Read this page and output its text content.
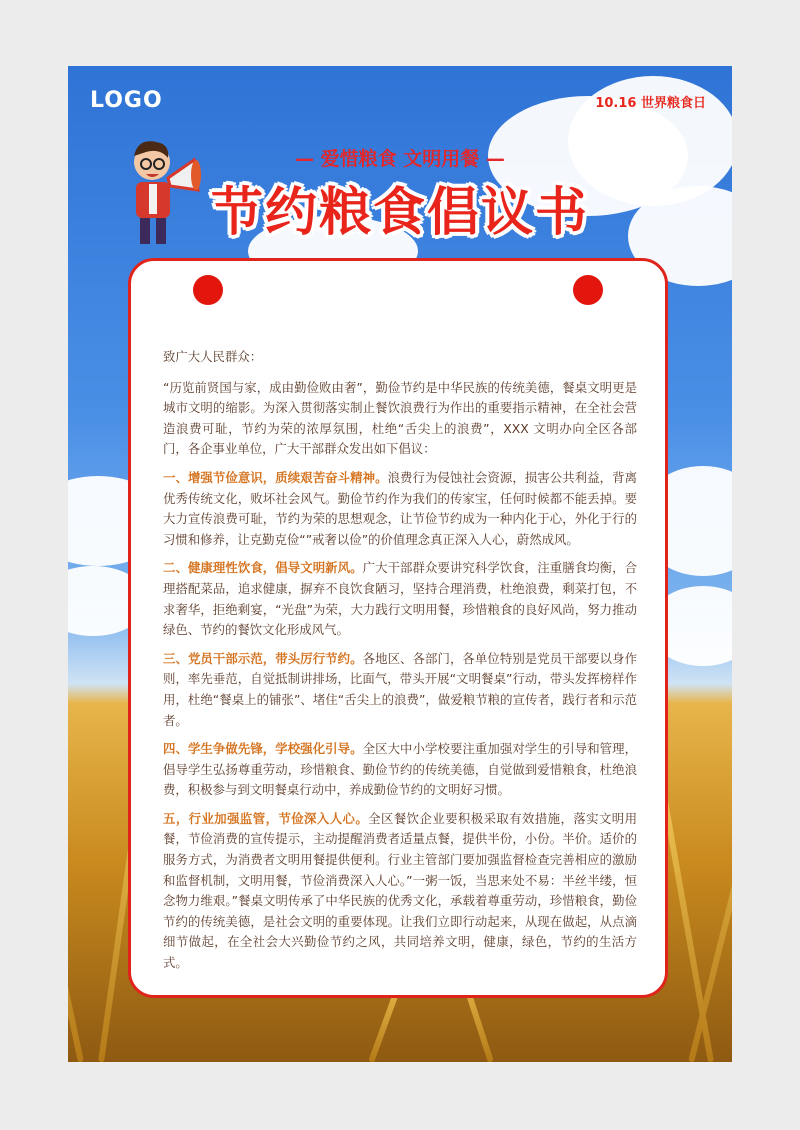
LOGO	10.16 世界粮食日
— 爱惜粮食 文明用餐 —
节约粮食倡议书

致广大人民群众：

“历览前贤国与家，成由勤俭败由奢”，勤俭节约是中华民族的传统美德，餐桌文明更是城市文明的缩影。为深入贯彻落实制止餐饮浪费行为作出的重要指示精神，在全社会营造浪费可耻，节约为荣的浓厚氛围，杜绝“舌尖上的浪费”，XXX 文明办向全区各部门，各企事业单位，广大干部群众发出如下倡议：

一、增强节俭意识，质续艰苦奋斗精神。浪费行为侵蚀社会资源，损害公共利益，背离优秀传统文化，败坏社会风气。勤俭节约作为我们的传家宝，任何时候都不能丢掉。要大力宣传浪费可耻，节约为荣的思想观念，让节俭节约成为一种内化于心，外化于行的习惯和修养，让克勤克俭“”戒奢以俭”的价值理念真正深入人心，蔚然成风。

二、健康理性饮食，倡导文明新风。广大干部群众要讲究科学饮食，注重膳食均衡，合理搭配菜品，追求健康，摒弃不良饮食陋习，坚持合理消费，杜绝浪费，剩菜打包，不求奢华，拒绝剩宴，“光盘”为荣，大力践行文明用餐，珍惜粮食的良好风尚，努力推动绿色、节约的餐饮文化形成风气。

三、党员干部示范，带头厉行节约。各地区、各部门，各单位特别是党员干部要以身作则，率先垂范，自觉抵制讲排场，比面气，带头开展“文明餐桌”行动，带头发挥榜样作用，杜绝“餐桌上的铺张”、堵住“舌尖上的浪费”，做爱粮节粮的宣传者，践行者和示范者。

四、学生争做先锋，学校强化引导。全区大中小学校要注重加强对学生的引导和管理，倡导学生弘扬尊重劳动，珍惜粮食、勤俭节约的传统美德，自觉做到爱惜粮食，杜绝浪费，积极参与到文明餐桌行动中，养成勤俭节约的文明好习惯。

五，行业加强监管，节俭深入人心。全区餐饮企业要积极采取有效措施，落实文明用餐，节俭消费的宣传提示，主动提醒消费者适量点餐，提供半份，小份。半价。适价的服务方式，为消费者文明用餐提供便利。行业主管部门要加强监督检查完善相应的激励和监督机制，文明用餐，节俭消费深入人心。”一粥一饭，当思来处不易：半丝半缕，恒念物力维艰。”餐桌文明传承了中华民族的优秀文化，承载着尊重劳动，珍惜粮食，勤俭节约的传统美德，是社会文明的重要体现。让我们立即行动起来，从现在做起，从点滴细节做起，在全社会大兴勤俭节约之风，共同培养文明，健康，绿色，节约的生活方式。
